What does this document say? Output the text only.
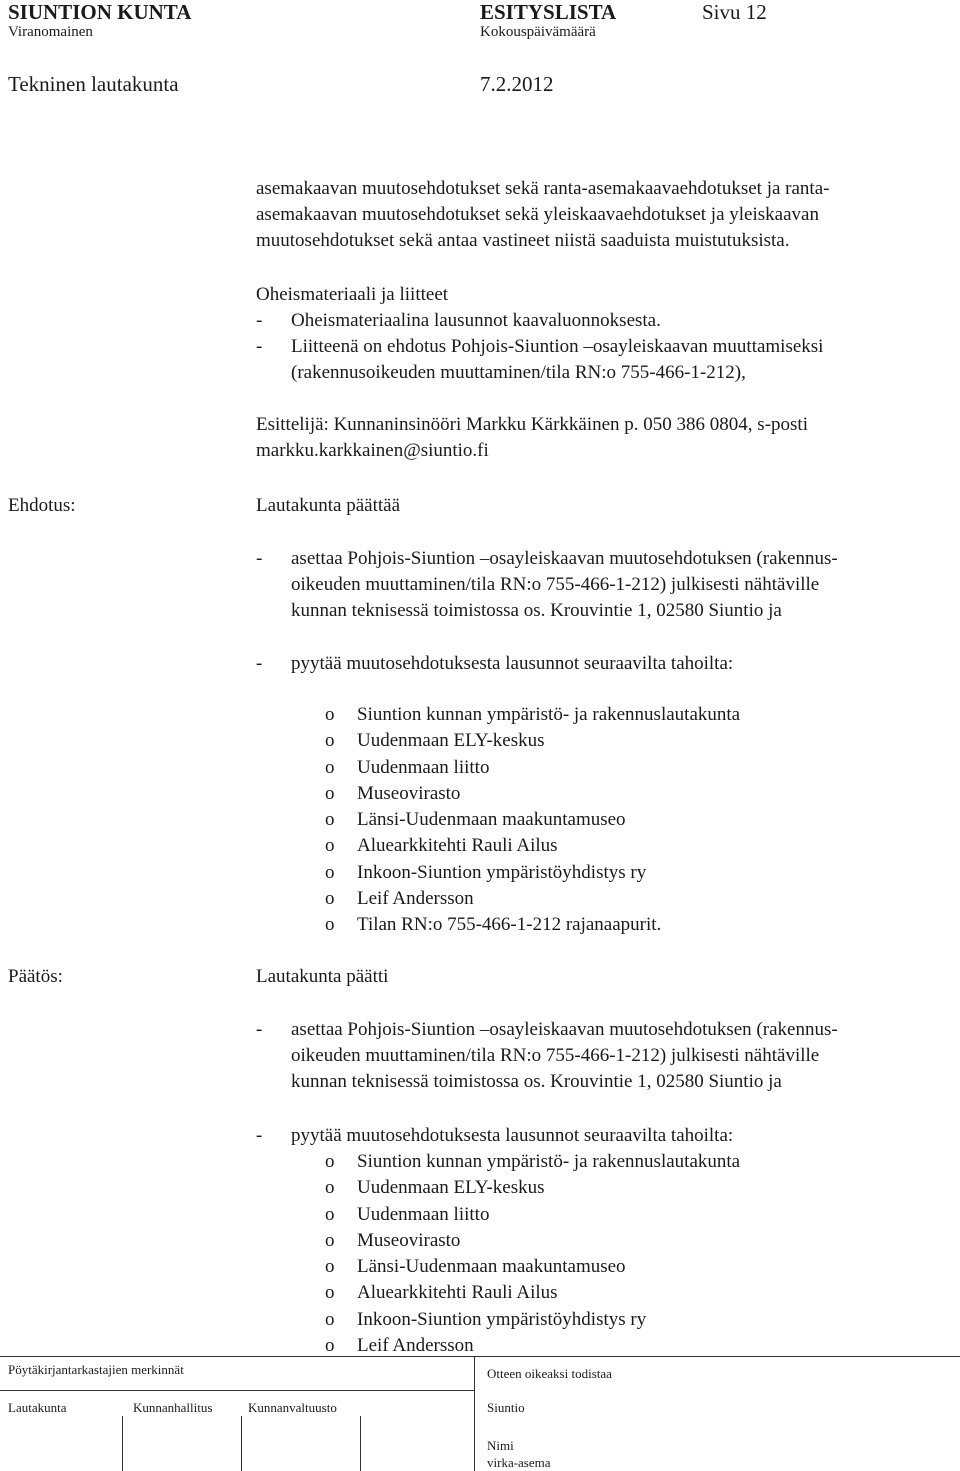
SIUNTION KUNTA	ESITYSLISTA	Sivu 12
Viranomainen	Kokouspäivämäärä
Tekninen lautakunta	7.2.2012
asemakaavan muutosehdotukset sekä ranta-asemakaavaehdotukset ja ranta-
asemakaavan muutosehdotukset sekä yleiskaavaehdotukset ja yleiskaavan
muutosehdotukset sekä antaa vastineet niistä saaduista muistutuksista.
Oheismateriaali ja liitteet
- Oheismateriaalina lausunnot kaavaluonnoksesta.
- Liitteenä on ehdotus Pohjois-Siuntion –osayleiskaavan muuttamiseksi
(rakennusoikeuden muuttaminen/tila RN:o 755-466-1-212),
Esittelijä: Kunnaninsinööri Markku Kärkkäinen p. 050 386 0804, s-posti
markku.karkkainen@siuntio.fi
Ehdotus:	Lautakunta päättää
- asettaa Pohjois-Siuntion –osayleiskaavan muutosehdotuksen (rakennus-
oikeuden muuttaminen/tila RN:o 755-466-1-212) julkisesti nähtäville
kunnan teknisessä toimistossa os. Krouvintie 1, 02580 Siuntio ja
- pyytää muutosehdotuksesta lausunnot seuraavilta tahoilta:
o Siuntion kunnan ympäristö- ja rakennuslautakunta
o Uudenmaan ELY-keskus
o Uudenmaan liitto
o Museovirasto
o Länsi-Uudenmaan maakuntamuseo
o Aluearkkitehti Rauli Ailus
o Inkoon-Siuntion ympäristöyhdistys ry
o Leif Andersson
o Tilan RN:o 755-466-1-212 rajanaapurit.
Päätös:	Lautakunta päätti
- asettaa Pohjois-Siuntion –osayleiskaavan muutosehdotuksen (rakennus-
oikeuden muuttaminen/tila RN:o 755-466-1-212) julkisesti nähtäville
kunnan teknisessä toimistossa os. Krouvintie 1, 02580 Siuntio ja
- pyytää muutosehdotuksesta lausunnot seuraavilta tahoilta:
o Siuntion kunnan ympäristö- ja rakennuslautakunta
o Uudenmaan ELY-keskus
o Uudenmaan liitto
o Museovirasto
o Länsi-Uudenmaan maakuntamuseo
o Aluearkkitehti Rauli Ailus
o Inkoon-Siuntion ympäristöyhdistys ry
o Leif Andersson
Pöytäkirjantarkastajien merkinnät
Lautakunta	Kunnanhallitus	Kunnanvaltuusto
Otteen oikeaksi todistaa
Siuntio
Nimi
virka-asema
